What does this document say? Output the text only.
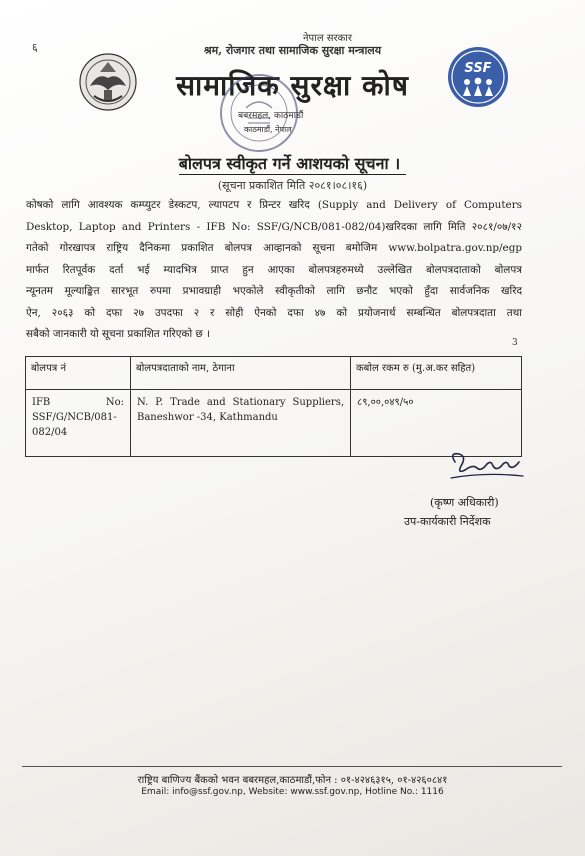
६
SSF
नेपाल सरकार
श्रम, रोजगार तथा सामाजिक सुरक्षा मन्त्रालय
सामाजिक सुरक्षा कोष
बबरमहल, काठमाडौं
काठमाडौं, नेपाल
बोलपत्र स्वीकृत गर्ने आशयको सूचना ।
(सूचना प्रकाशित मिति २०८१।०८।१६)
कोषको लागि आवश्यक कम्प्युटर डेस्कटप, ल्यापटप र प्रिन्टर खरिद (Supply and Delivery of Computers
Desktop, Laptop and Printers - IFB No: SSF/G/NCB/081-082/04)खरिदका लागि मिति २०८१/०७/१२
गतेको गोरखापत्र राष्ट्रिय दैनिकमा प्रकाशित बोलपत्र आव्हानको सूचना बमोजिम www.bolpatra.gov.np/egp
मार्फत रितपूर्वक दर्ता भई म्यादभित्र प्राप्त हुन आएका बोलपत्रहरुमध्ये उल्लेखित बोलपत्रदाताको बोलपत्र
न्यूनतम मूल्याङ्कित सारभूत रुपमा प्रभावग्राही भएकोले स्वीकृतीको लागि छनौट भएको हुँदा सार्वजनिक खरिद
ऐन, २०६३ को दफा २७ उपदफा २ र सोही ऐनको दफा ४७ को प्रयोजनार्थ सम्बन्धित बोलपत्रदाता तथा
सबैको जानकारी यो सूचना प्रकाशित गरिएको छ ।
3
बोलपत्र नं	बोलपत्रदाताको नाम, ठेगाना	कबोल रकम रु (मु.अ.कर सहित)
IFB No: SSF/G/NCB/081-082/04	N. P. Trade and Stationary Suppliers, Baneshwor -34, Kathmandu	८९,००,०४९/५०
(कृष्ण अधिकारी)
उप-कार्यकारी निर्देशक
राष्ट्रिय बाणिज्य बैंकको भवन बबरमहल,काठमाडौं,फोन : ०१-४२४६३१५, ०१-४२६०८४१
Email: info@ssf.gov.np, Website: www.ssf.gov.np, Hotline No.: 1116
